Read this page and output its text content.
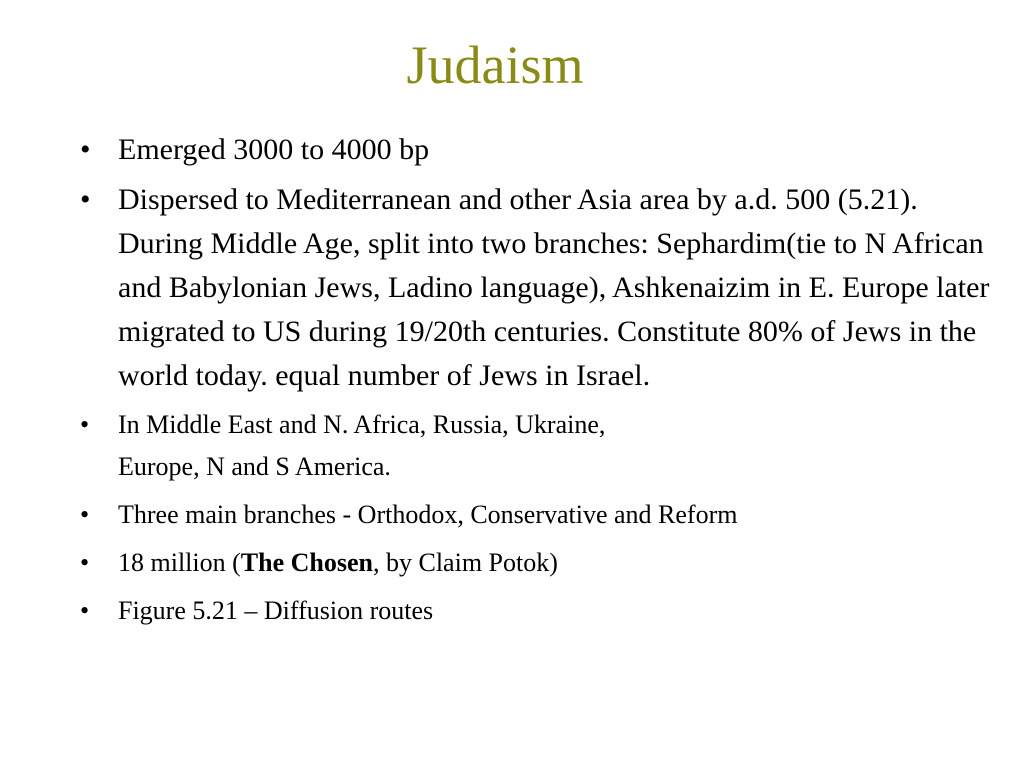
Judaism
• Emerged 3000 to 4000 bp
• Dispersed to Mediterranean and other Asia area by a.d. 500 (5.21). During Middle Age, split into two branches: Sephardim(tie to N African and Babylonian Jews, Ladino language), Ashkenaizim in E. Europe later migrated to US during 19/20th centuries. Constitute 80% of Jews in the world today. equal number of Jews in Israel.
• In Middle East and N. Africa, Russia, Ukraine,
Europe, N and S America.
• Three main branches - Orthodox, Conservative and Reform
• 18 million (The Chosen, by Claim Potok)
• Figure 5.21 – Diffusion routes
